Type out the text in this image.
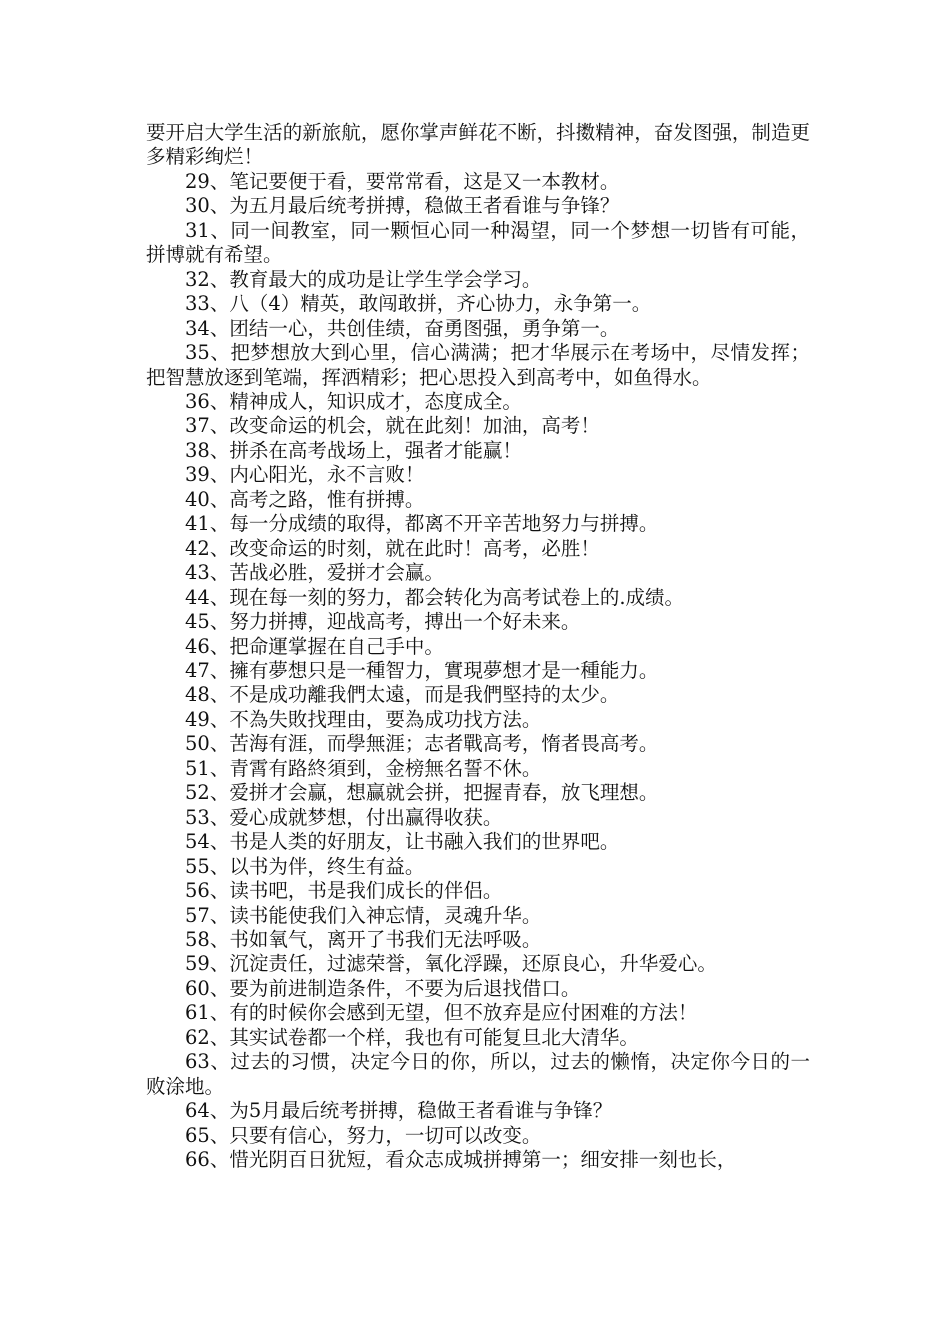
要开启大学生活的新旅航，愿你掌声鲜花不断，抖擞精神，奋发图强，制造更多精彩绚烂！

29、笔记要便于看，要常常看，这是又一本教材。

30、为五月最后统考拼搏，稳做王者看谁与争锋？

31、同一间教室，同一颗恒心同一种渴望，同一个梦想一切皆有可能，拼博就有希望。

32、教育最大的成功是让学生学会学习。

33、八（4）精英，敢闯敢拼，齐心协力，永争第一。

34、团结一心，共创佳绩，奋勇图强，勇争第一。

35、把梦想放大到心里，信心满满；把才华展示在考场中，尽情发挥；把智慧放逐到笔端，挥洒精彩；把心思投入到高考中，如鱼得水。

36、精神成人，知识成才，态度成全。

37、改变命运的机会，就在此刻！加油，高考！

38、拼杀在高考战场上，强者才能赢！

39、内心阳光，永不言败！

40、高考之路，惟有拼搏。

41、每一分成绩的取得，都离不开辛苦地努力与拼搏。

42、改变命运的时刻，就在此时！高考，必胜！

43、苦战必胜，爱拼才会赢。

44、现在每一刻的努力，都会转化为高考试卷上的.成绩。

45、努力拼搏，迎战高考，搏出一个好未来。

46、把命運掌握在自己手中。

47、擁有夢想只是一種智力，實現夢想才是一種能力。

48、不是成功離我們太遠，而是我們堅持的太少。

49、不為失敗找理由，要為成功找方法。

50、苦海有涯，而學無涯；志者戰高考，惰者畏高考。

51、青霄有路終須到，金榜無名誓不休。

52、爱拼才会赢，想赢就会拼，把握青春，放飞理想。

53、爱心成就梦想，付出赢得收获。

54、书是人类的好朋友，让书融入我们的世界吧。

55、以书为伴，终生有益。

56、读书吧，书是我们成长的伴侣。

57、读书能使我们入神忘情，灵魂升华。

58、书如氧气，离开了书我们无法呼吸。

59、沉淀责任，过滤荣誉，氧化浮躁，还原良心，升华爱心。

60、要为前进制造条件，不要为后退找借口。

61、有的时候你会感到无望，但不放弃是应付困难的方法！

62、其实试卷都一个样，我也有可能复旦北大清华。

63、过去的习惯，决定今日的你，所以，过去的懒惰，决定你今日的一败涂地。

64、为5月最后统考拼搏，稳做王者看谁与争锋？

65、只要有信心，努力，一切可以改变。

66、惜光阴百日犹短，看众志成城拼搏第一；细安排一刻也长，
